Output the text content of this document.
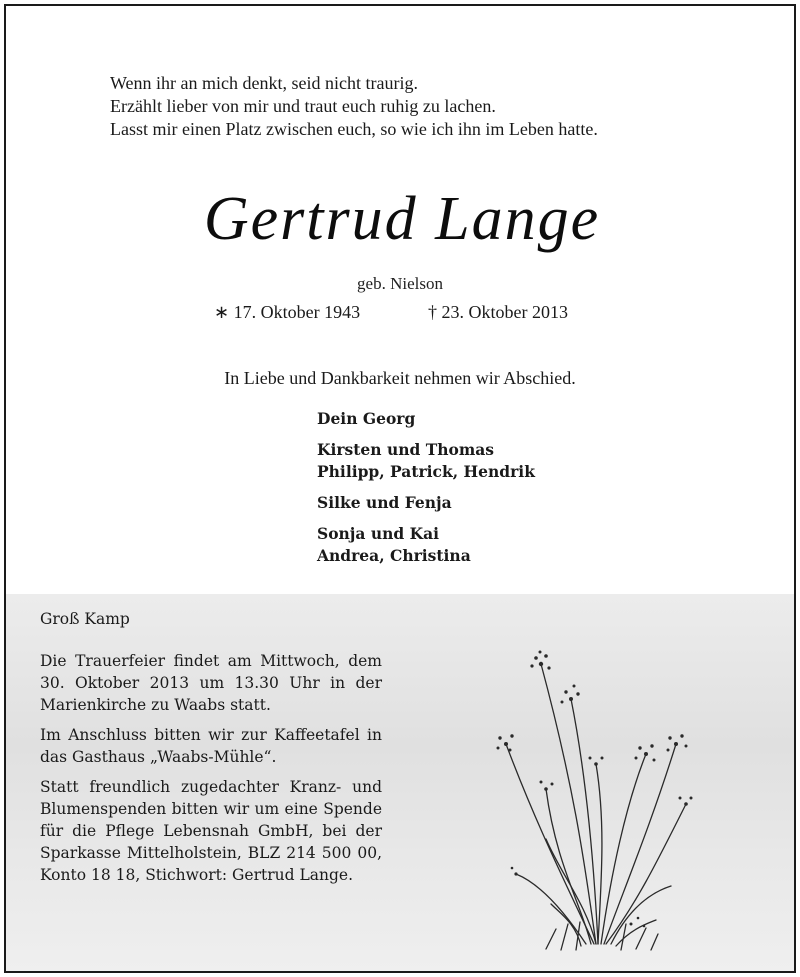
Wenn ihr an mich denkt, seid nicht traurig.
Erzählt lieber von mir und traut euch ruhig zu lachen.
Lasst mir einen Platz zwischen euch, so wie ich ihn im Leben hatte.
Gertrud Lange
geb. Nielson
∗ 17. Oktober 1943	† 23. Oktober 2013
In Liebe und Dankbarkeit nehmen wir Abschied.
Dein Georg
Kirsten und Thomas
Philipp, Patrick, Hendrik
Silke und Fenja
Sonja und Kai
Andrea, Christina
Groß Kamp

Die Trauerfeier findet am Mittwoch, dem 30. Oktober 2013 um 13.30 Uhr in der Marienkirche zu Waabs statt.

Im Anschluss bitten wir zur Kaffeetafel in das Gasthaus „Waabs-Mühle“.

Statt freundlich zugedachter Kranz- und Blumenspenden bitten wir um eine Spende für die Pflege Lebensnah GmbH, bei der Sparkasse Mittelholstein, BLZ 214 500 00, Konto 18 18, Stichwort: Gertrud Lange.
